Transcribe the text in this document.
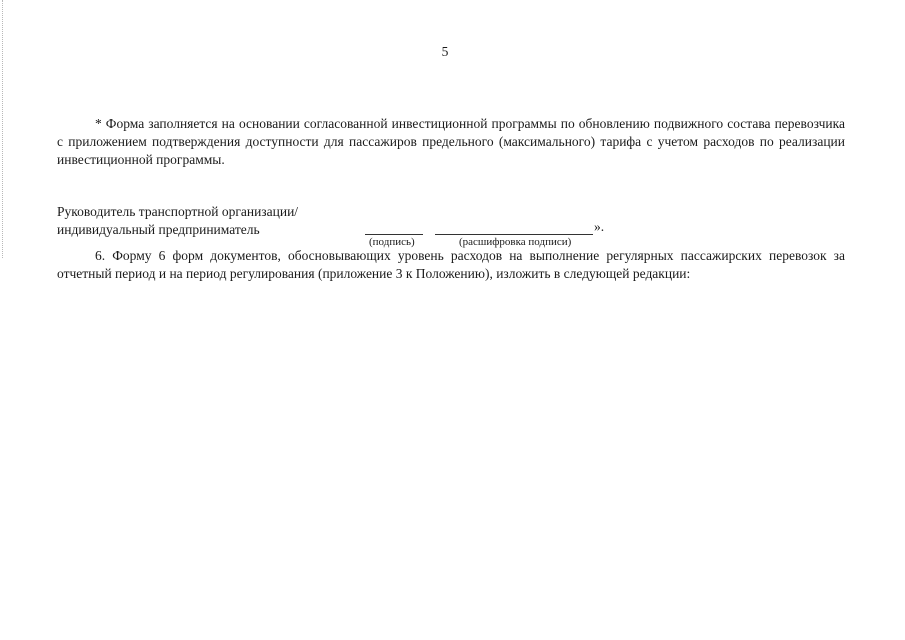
5

* Форма заполняется на основании согласованной инвестиционной программы по обновлению подвижного состава перевозчика с приложением подтверждения доступности для пассажиров предельного (максимального) тарифа с учетом расходов по реализации инвестиционной программы.

Руководитель транспортной организации/
индивидуальный предприниматель	».
(подпись)	(расшифровка подписи)

6. Форму 6 форм документов, обосновывающих уровень расходов на выполнение регулярных пассажирских перевозок за отчетный период и на период регулирования (приложение 3 к Положению), изложить в следующей редакции:
